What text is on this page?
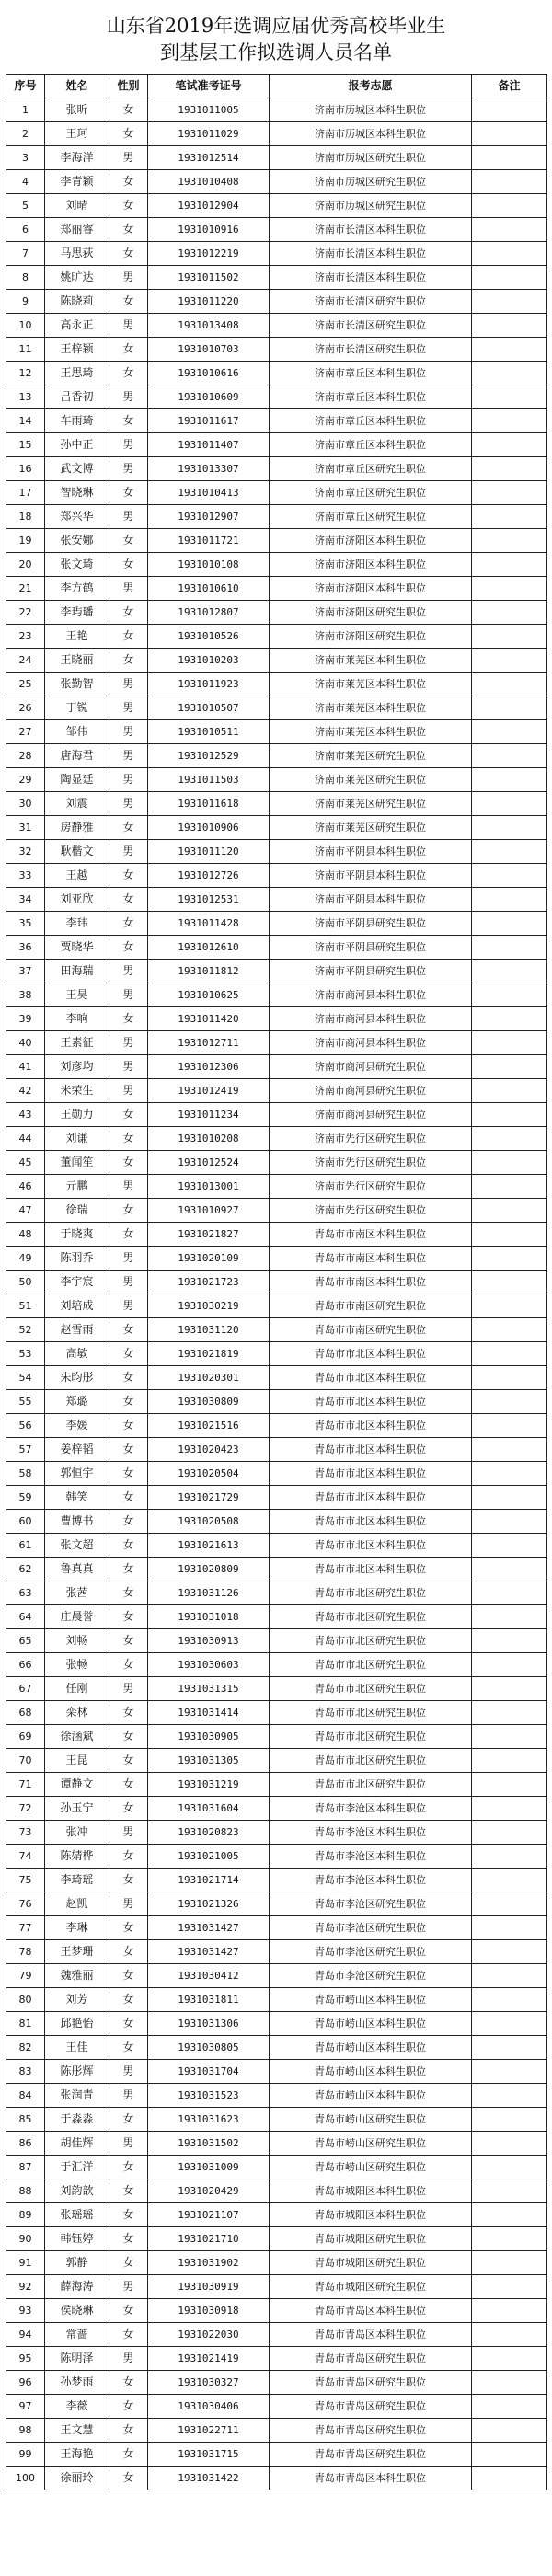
山东省2019年选调应届优秀高校毕业生
到基层工作拟选调人员名单
序号	姓名	性别	笔试准考证号	报考志愿	备注
1	张昕	女	1931011005	济南市历城区本科生职位	
2	王珂	女	1931011029	济南市历城区本科生职位	
3	李海洋	男	1931012514	济南市历城区研究生职位	
4	李青颖	女	1931010408	济南市历城区研究生职位	
5	刘晴	女	1931012904	济南市历城区研究生职位	
6	郑丽睿	女	1931010916	济南市长清区本科生职位	
7	马思荻	女	1931012219	济南市长清区本科生职位	
8	姚旷达	男	1931011502	济南市长清区本科生职位	
9	陈晓莉	女	1931011220	济南市长清区研究生职位	
10	高永正	男	1931013408	济南市长清区研究生职位	
11	王梓颖	女	1931010703	济南市长清区研究生职位	
12	王思琦	女	1931010616	济南市章丘区本科生职位	
13	吕香初	男	1931010609	济南市章丘区本科生职位	
14	车雨琦	女	1931011617	济南市章丘区本科生职位	
15	孙中正	男	1931011407	济南市章丘区本科生职位	
16	武文博	男	1931013307	济南市章丘区研究生职位	
17	智晓琳	女	1931010413	济南市章丘区研究生职位	
18	郑兴华	男	1931012907	济南市章丘区研究生职位	
19	张安娜	女	1931011721	济南市济阳区本科生职位	
20	张文琦	女	1931010108	济南市济阳区本科生职位	
21	李方鹤	男	1931010610	济南市济阳区本科生职位	
22	李玙璠	女	1931012807	济南市济阳区研究生职位	
23	王艳	女	1931010526	济南市济阳区研究生职位	
24	王晓丽	女	1931010203	济南市莱芜区本科生职位	
25	张勤智	男	1931011923	济南市莱芜区本科生职位	
26	丁锐	男	1931010507	济南市莱芜区本科生职位	
27	邹伟	男	1931010511	济南市莱芜区本科生职位	
28	唐海君	男	1931012529	济南市莱芜区研究生职位	
29	陶显廷	男	1931011503	济南市莱芜区研究生职位	
30	刘震	男	1931011618	济南市莱芜区研究生职位	
31	房静雅	女	1931010906	济南市莱芜区研究生职位	
32	耿楷文	男	1931011120	济南市平阴县本科生职位	
33	王越	女	1931012726	济南市平阴县本科生职位	
34	刘亚欣	女	1931012531	济南市平阴县本科生职位	
35	李玮	女	1931011428	济南市平阴县研究生职位	
36	贾晓华	女	1931012610	济南市平阴县研究生职位	
37	田海瑞	男	1931011812	济南市平阴县研究生职位	
38	王昊	男	1931010625	济南市商河县本科生职位	
39	李响	女	1931011420	济南市商河县本科生职位	
40	王素征	男	1931012711	济南市商河县本科生职位	
41	刘彦均	男	1931012306	济南市商河县研究生职位	
42	米荣生	男	1931012419	济南市商河县研究生职位	
43	王勋力	女	1931011234	济南市商河县研究生职位	
44	刘谦	女	1931010208	济南市先行区研究生职位	
45	董闻笙	女	1931012524	济南市先行区研究生职位	
46	亓鹏	男	1931013001	济南市先行区研究生职位	
47	徐瑞	女	1931010927	济南市先行区研究生职位	
48	于晓爽	女	1931021827	青岛市市南区本科生职位	
49	陈羽乔	男	1931020109	青岛市市南区本科生职位	
50	李宇宸	男	1931021723	青岛市市南区本科生职位	
51	刘培成	男	1931030219	青岛市市南区研究生职位	
52	赵雪雨	女	1931031120	青岛市市南区研究生职位	
53	高敏	女	1931021819	青岛市市北区本科生职位	
54	朱昀彤	女	1931020301	青岛市市北区本科生职位	
55	郑璐	女	1931030809	青岛市市北区本科生职位	
56	李媛	女	1931021516	青岛市市北区本科生职位	
57	姜梓韬	女	1931020423	青岛市市北区本科生职位	
58	郭恒宇	女	1931020504	青岛市市北区本科生职位	
59	韩笑	女	1931021729	青岛市市北区本科生职位	
60	曹博书	女	1931020508	青岛市市北区本科生职位	
61	张文超	女	1931021613	青岛市市北区本科生职位	
62	鲁真真	女	1931020809	青岛市市北区本科生职位	
63	张茜	女	1931031126	青岛市市北区研究生职位	
64	庄晨誉	女	1931031018	青岛市市北区研究生职位	
65	刘畅	女	1931030913	青岛市市北区研究生职位	
66	张畅	女	1931030603	青岛市市北区研究生职位	
67	任刚	男	1931031315	青岛市市北区研究生职位	
68	栾林	女	1931031414	青岛市市北区研究生职位	
69	徐涵斌	女	1931030905	青岛市市北区研究生职位	
70	王昆	女	1931031305	青岛市市北区研究生职位	
71	谭静文	女	1931031219	青岛市市北区研究生职位	
72	孙玉宁	女	1931031604	青岛市李沧区本科生职位	
73	张冲	男	1931020823	青岛市李沧区本科生职位	
74	陈婧桦	女	1931021005	青岛市李沧区本科生职位	
75	李琦瑶	女	1931021714	青岛市李沧区本科生职位	
76	赵凯	男	1931021326	青岛市李沧区研究生职位	
77	李琳	女	1931031427	青岛市李沧区研究生职位	
78	王梦珊	女	1931031427	青岛市李沧区研究生职位	
79	魏雅丽	女	1931030412	青岛市李沧区研究生职位	
80	刘芳	女	1931031811	青岛市崂山区本科生职位	
81	邱艳怡	女	1931031306	青岛市崂山区本科生职位	
82	王佳	女	1931030805	青岛市崂山区本科生职位	
83	陈彤辉	男	1931031704	青岛市崂山区本科生职位	
84	张润青	男	1931031523	青岛市崂山区本科生职位	
85	于淼淼	女	1931031623	青岛市崂山区研究生职位	
86	胡佳辉	男	1931031502	青岛市崂山区研究生职位	
87	于汇洋	女	1931031009	青岛市崂山区研究生职位	
88	刘韵歆	女	1931020429	青岛市城阳区本科生职位	
89	张瑶瑶	女	1931021107	青岛市城阳区本科生职位	
90	韩钰婷	女	1931021710	青岛市城阳区研究生职位	
91	郭静	女	1931031902	青岛市城阳区研究生职位	
92	薛海涛	男	1931030919	青岛市城阳区研究生职位	
93	侯晓琳	女	1931030918	青岛市青岛区本科生职位	
94	常蔷	女	1931022030	青岛市青岛区本科生职位	
95	陈明泽	男	1931021419	青岛市青岛区研究生职位	
96	孙梦雨	女	1931030327	青岛市青岛区研究生职位	
97	李薇	女	1931030406	青岛市青岛区研究生职位	
98	王文慧	女	1931022711	青岛市青岛区研究生职位	
99	王海艳	女	1931031715	青岛市青岛区研究生职位	
100	徐丽玲	女	1931031422	青岛市青岛区本科生职位	
